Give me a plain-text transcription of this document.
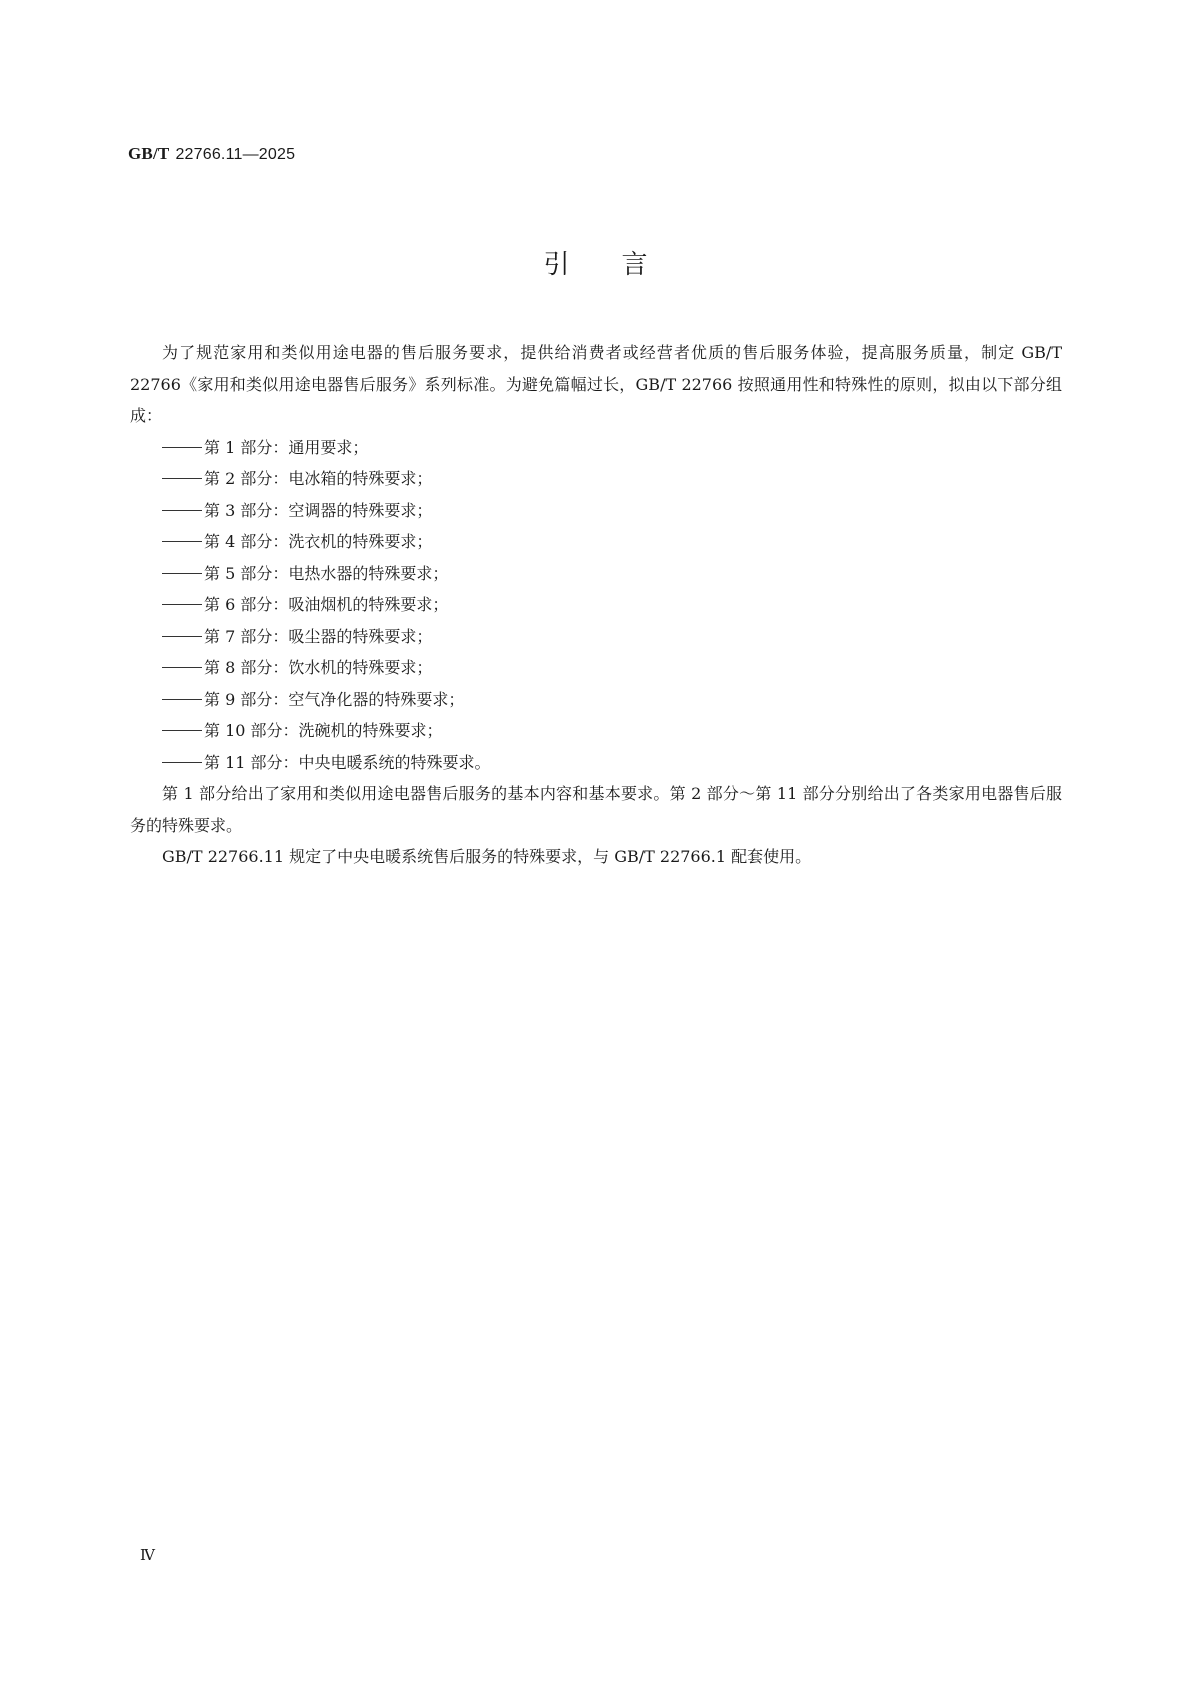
GB/T 22766.11—2025
引言

为了规范家用和类似用途电器的售后服务要求，提供给消费者或经营者优质的售后服务体验，提高服务质量，制定 GB/T 22766《家用和类似用途电器售后服务》系列标准。为避免篇幅过长，GB/T 22766 按照通用性和特殊性的原则，拟由以下部分组成：

第 1 部分：通用要求；
第 2 部分：电冰箱的特殊要求；
第 3 部分：空调器的特殊要求；
第 4 部分：洗衣机的特殊要求；
第 5 部分：电热水器的特殊要求；
第 6 部分：吸油烟机的特殊要求；
第 7 部分：吸尘器的特殊要求；
第 8 部分：饮水机的特殊要求；
第 9 部分：空气净化器的特殊要求；
第 10 部分：洗碗机的特殊要求；
第 11 部分：中央电暖系统的特殊要求。

第 1 部分给出了家用和类似用途电器售后服务的基本内容和基本要求。第 2 部分～第 11 部分分别给出了各类家用电器售后服务的特殊要求。

GB/T 22766.11 规定了中央电暖系统售后服务的特殊要求，与 GB/T 22766.1 配套使用。

Ⅳ
